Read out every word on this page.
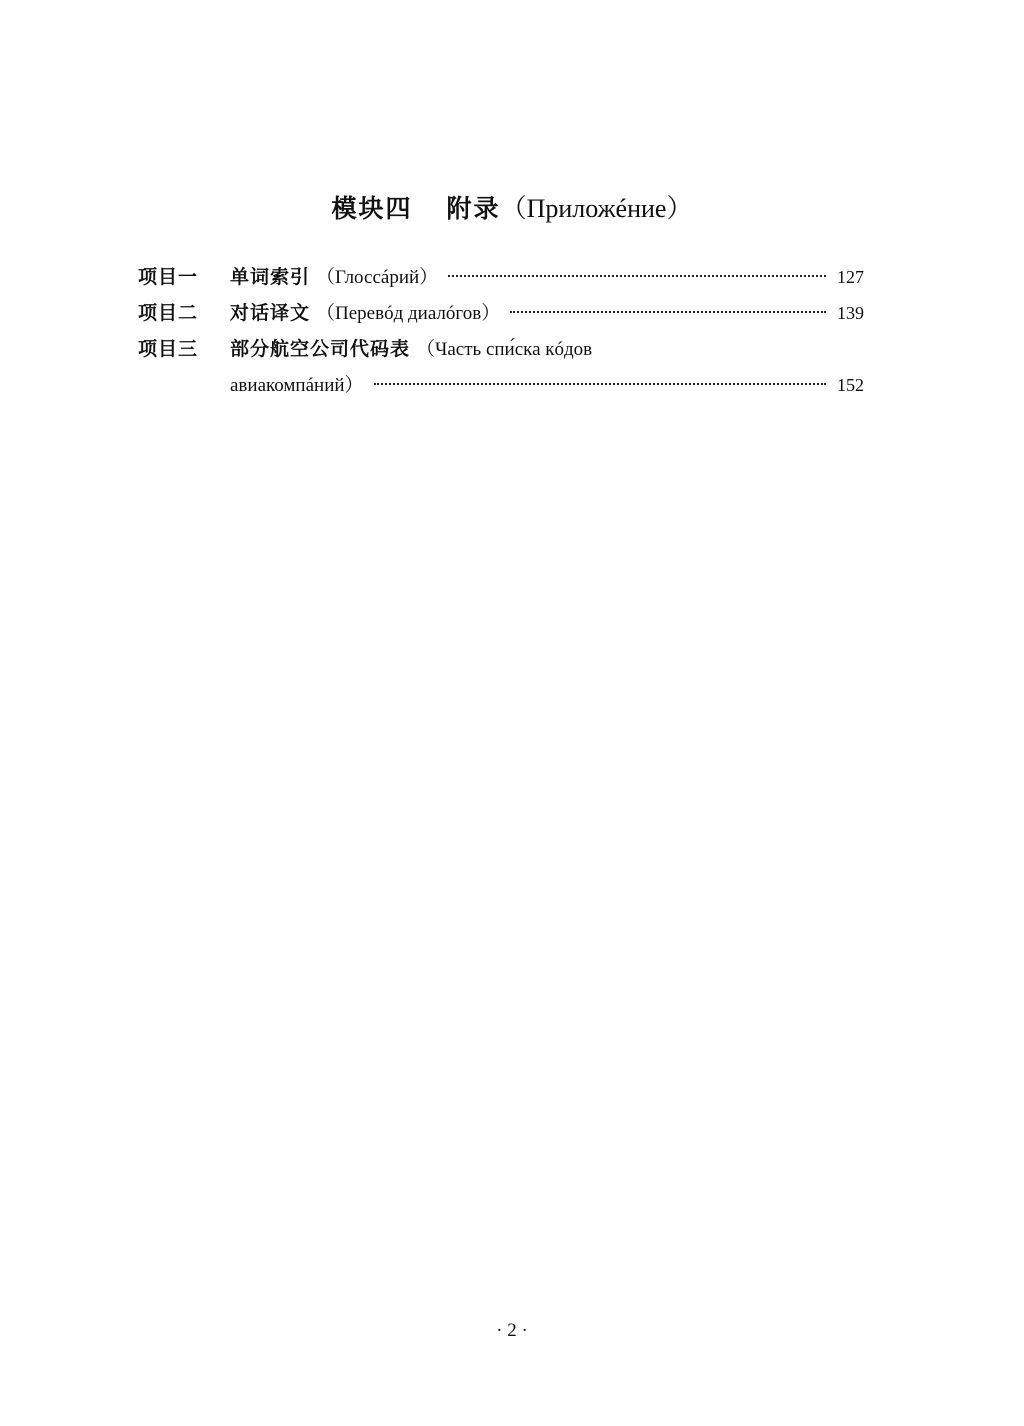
模块四 附录（Приложéние）
项目一	单词索引 （Глоссáрий）	127
项目二	对话译文 （Перевóд диалóгов）	139
项目三	部分航空公司代码表 （Часть спи́ска кóдов
авиакомпáний）	152
· 2 ·
